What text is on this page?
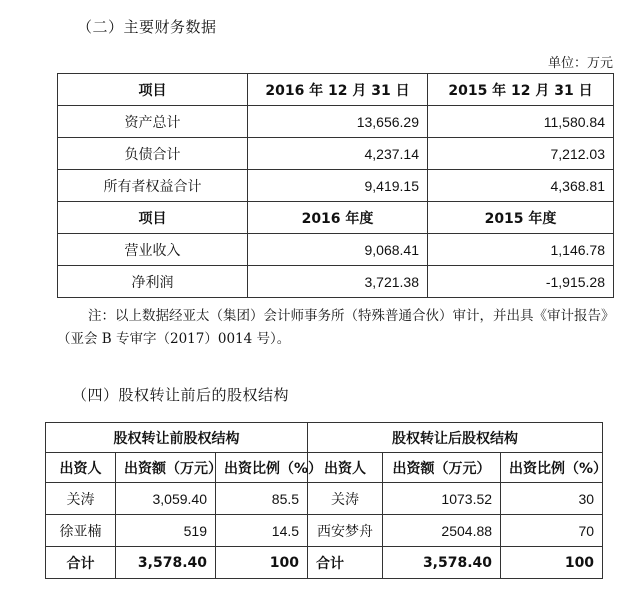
（二）主要财务数据
单位：万元
项目	2016 年 12 月 31 日	2015 年 12 月 31 日
资产总计	13,656.29	11,580.84
负债合计	4,237.14	7,212.03
所有者权益合计	9,419.15	4,368.81
项目	2016 年度	2015 年度
营业收入	9,068.41	1,146.78
净利润	3,721.38	-1,915.28
注：以上数据经亚太（集团）会计师事务所（特殊普通合伙）审计，并出具《审计报告》（亚会 B 专审字（2017）0014 号）。
（四）股权转让前后的股权结构
股权转让前股权结构			股权转让后股权结构		
出资人	出资额（万元）	出资比例（%）	出资人	出资额（万元）	出资比例（%）
关涛	3,059.40	85.5	关涛	1073.52	30
徐亚楠	519	14.5	西安梦舟	2504.88	70
合计	3,578.40	100	合计	3,578.40	100
